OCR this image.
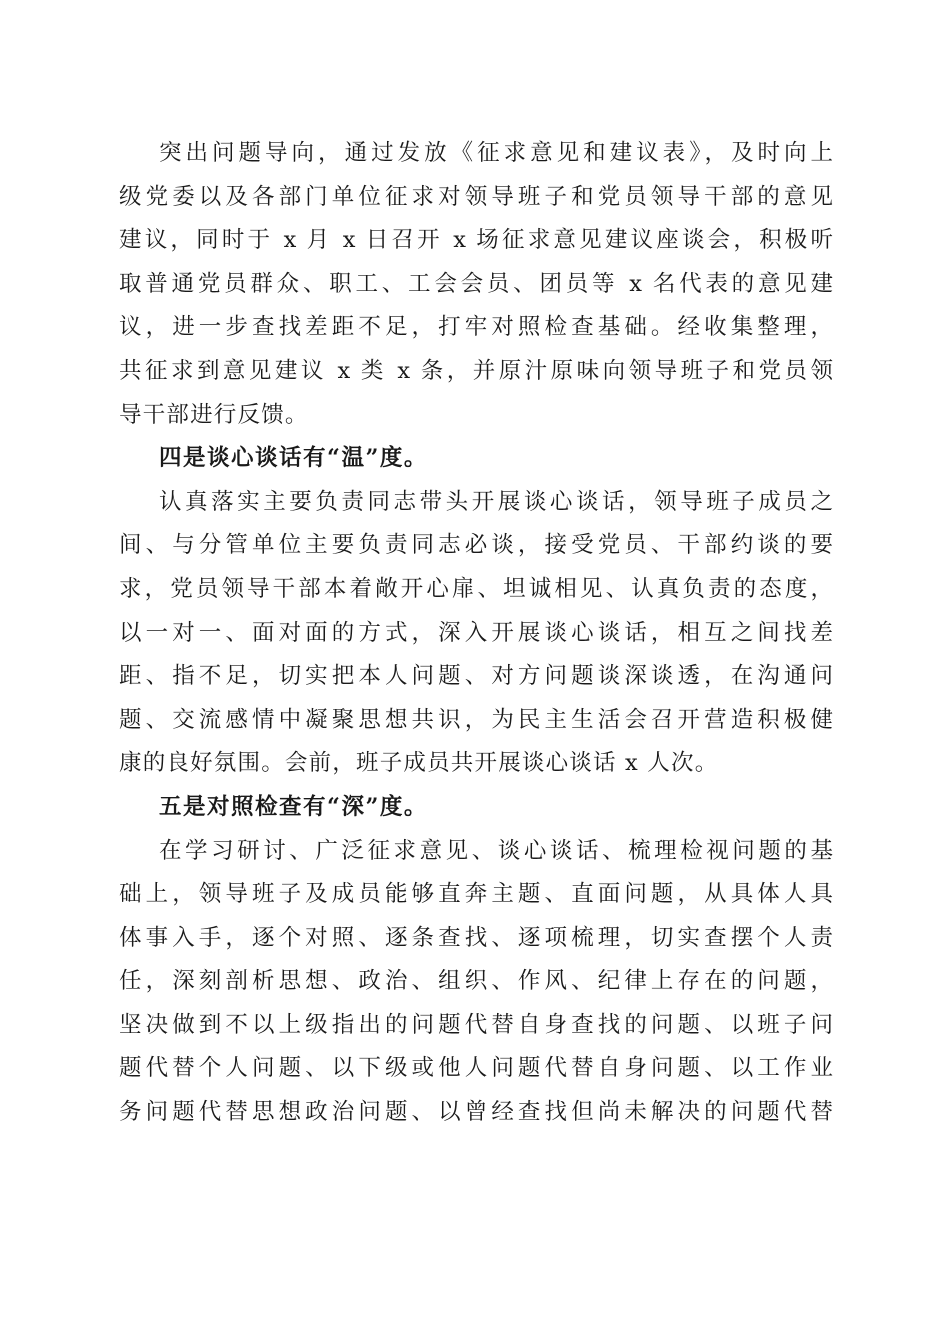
突出问题导向，通过发放《征求意见和建议表》，及时向上
级党委以及各部门单位征求对领导班子和党员领导干部的意见
建议，同时于 x 月 x 日召开 x 场征求意见建议座谈会，积极听
取普通党员群众、职工、工会会员、团员等 x 名代表的意见建
议，进一步查找差距不足，打牢对照检查基础。经收集整理，
共征求到意见建议 x 类 x 条，并原汁原味向领导班子和党员领
导干部进行反馈。
四是谈心谈话有“温”度。
认真落实主要负责同志带头开展谈心谈话，领导班子成员之
间、与分管单位主要负责同志必谈，接受党员、干部约谈的要
求，党员领导干部本着敞开心扉、坦诚相见、认真负责的态度，
以一对一、面对面的方式，深入开展谈心谈话，相互之间找差
距、指不足，切实把本人问题、对方问题谈深谈透，在沟通问
题、交流感情中凝聚思想共识，为民主生活会召开营造积极健
康的良好氛围。会前，班子成员共开展谈心谈话 x 人次。
五是对照检查有“深”度。
在学习研讨、广泛征求意见、谈心谈话、梳理检视问题的基
础上，领导班子及成员能够直奔主题、直面问题，从具体人具
体事入手，逐个对照、逐条查找、逐项梳理，切实查摆个人责
任，深刻剖析思想、政治、组织、作风、纪律上存在的问题，
坚决做到不以上级指出的问题代替自身查找的问题、以班子问
题代替个人问题、以下级或他人问题代替自身问题、以工作业
务问题代替思想政治问题、以曾经查找但尚未解决的问题代替
